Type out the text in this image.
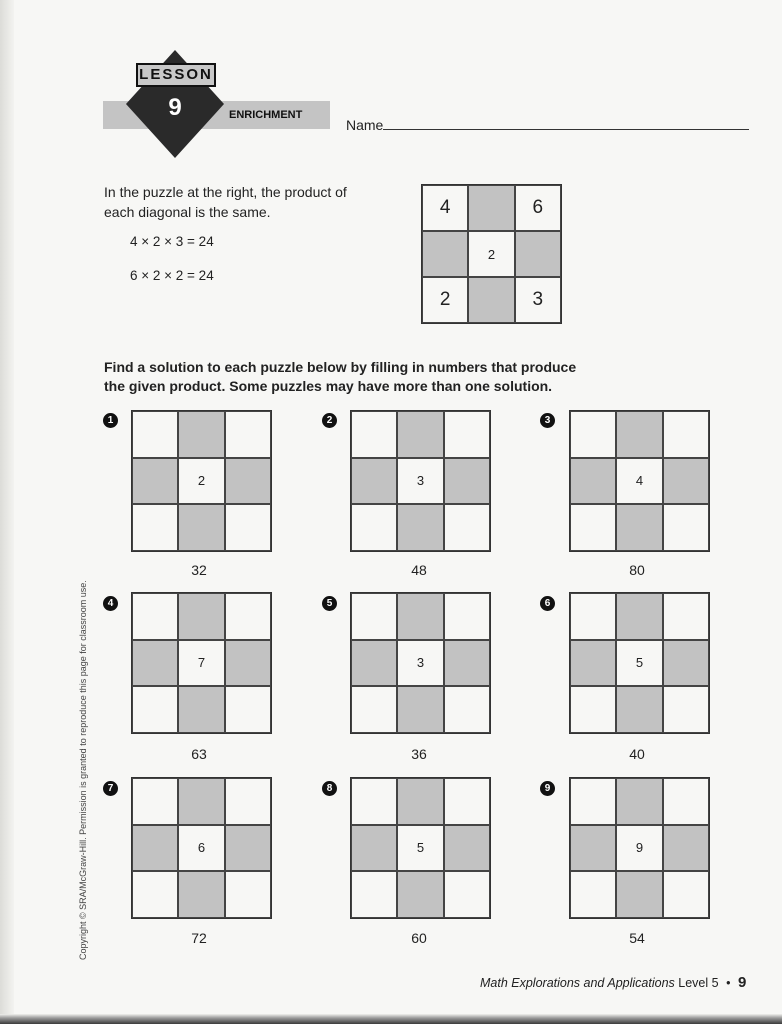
LESSON
9	ENRICHMENT
Name
In the puzzle at the right, the product of each diagonal is the same.
4 × 2 × 3 = 24
6 × 2 × 2 = 24
4	6
2
2	3
Find a solution to each puzzle below by filling in numbers that produce the given product. Some puzzles may have more than one solution.
1
2
32
2
3
48
3
4
80
4
7
63
5
3
36
6
5
40
7
6
72
8
5
60
9
9
54
Copyright © SRA/McGraw-Hill. Permission is granted to reproduce this page for classroom use.
Math Explorations and Applications Level 5 • 9
